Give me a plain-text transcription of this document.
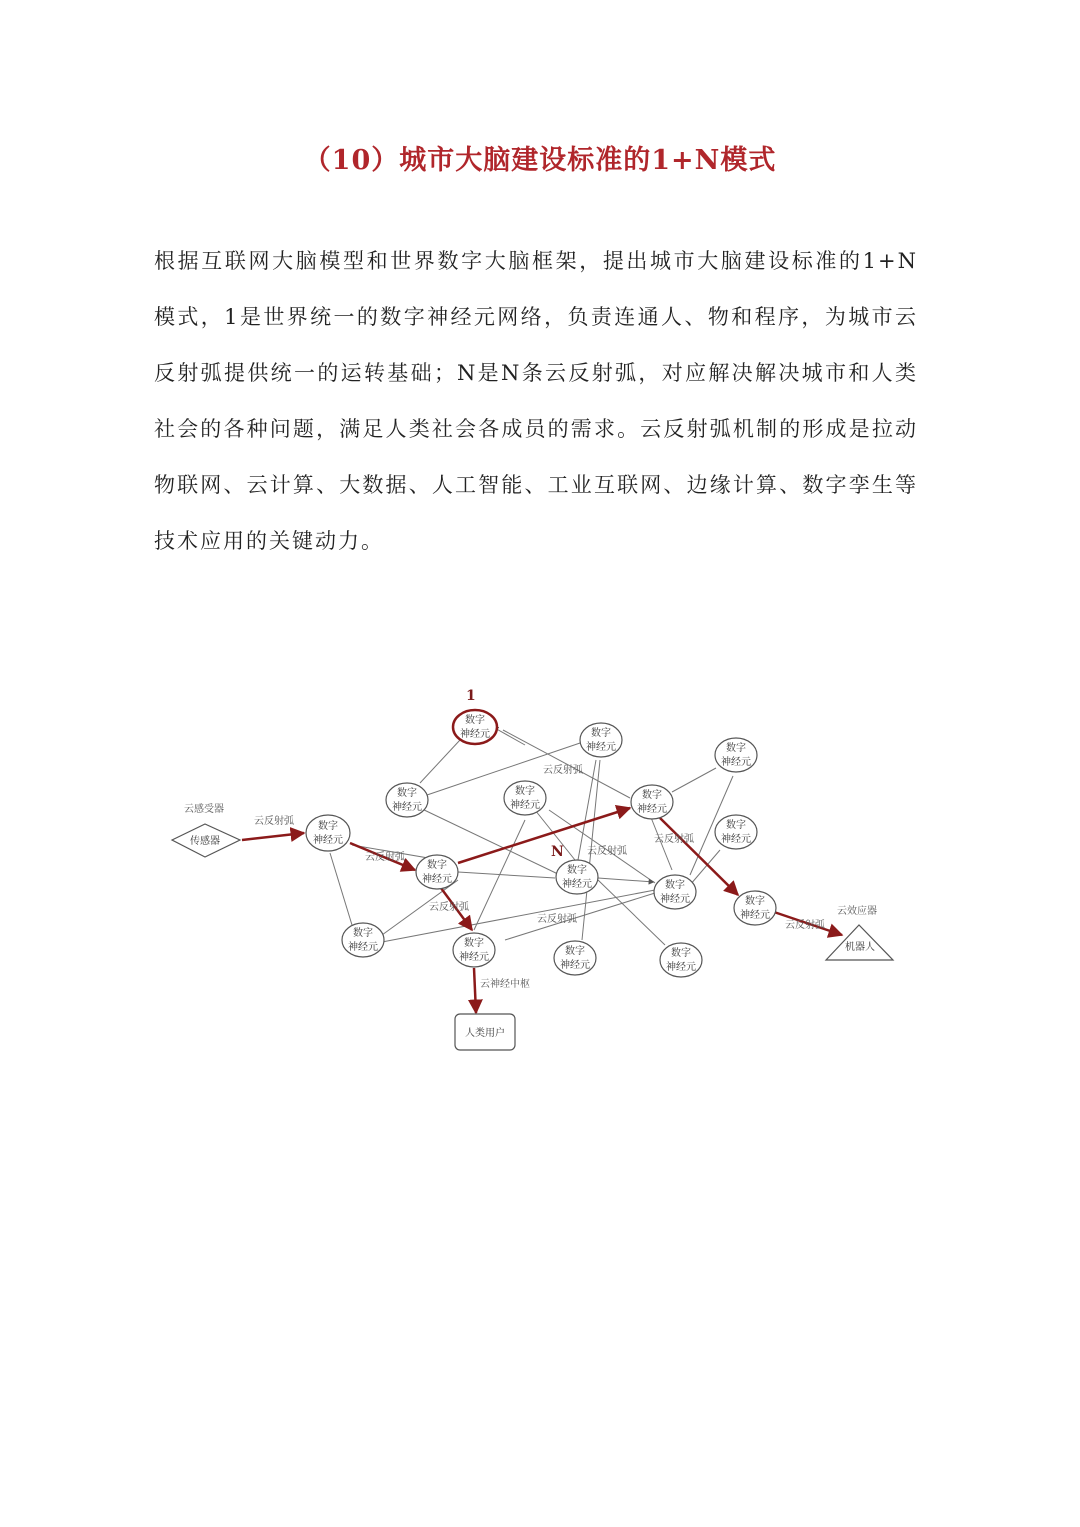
（10）城市大脑建设标准的1+N模式

根据互联网大脑模型和世界数字大脑框架，提出城市大脑建设标准的1+N模式，1是世界统一的数字神经元网络，负责连通人、物和程序，为城市云反射弧提供统一的运转基础；N是N条云反射弧，对应解决解决城市和人类社会的各种问题，满足人类社会各成员的需求。云反射弧机制的形成是拉动物联网、云计算、大数据、人工智能、工业互联网、边缘计算、数字孪生等技术应用的关键动力。

1
N
云反射弧
云反射弧
云反射弧
云反射弧
云反射弧
云反射弧
云反射弧
云反射弧
云感受器
云效应器
云神经中枢
数字
神经元	数字
神经元	数字
神经元
数字
神经元
数字
神经元
数字
神经元
数字
神经元
数字
神经元
数字
神经元
数字
神经元	数字
神经元	数字
神经元
数字
神经元	数字
神经元
数字
神经元
数字
神经元
传感器
机器人
人类用户
